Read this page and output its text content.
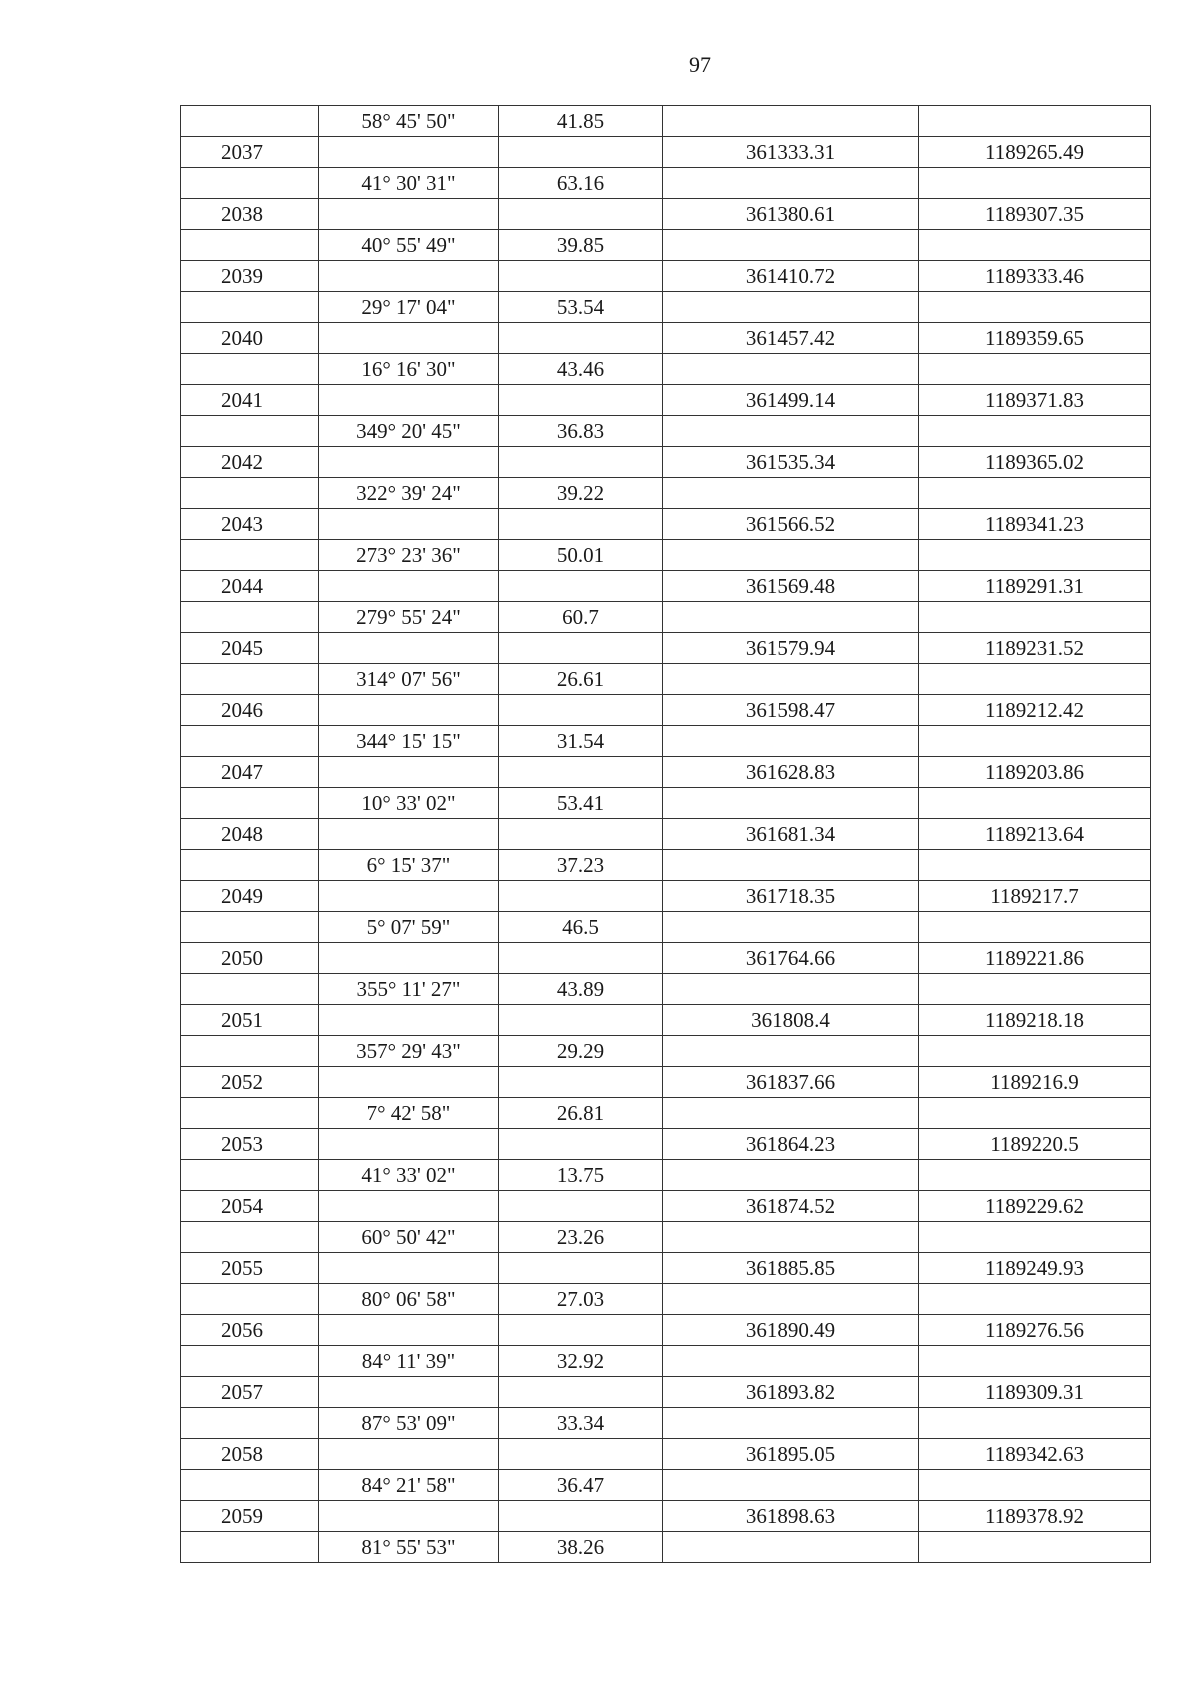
97
	58° 45' 50"	41.85		
2037			361333.31	1189265.49
	41° 30' 31"	63.16		
2038			361380.61	1189307.35
	40° 55' 49"	39.85		
2039			361410.72	1189333.46
	29° 17' 04"	53.54		
2040			361457.42	1189359.65
	16° 16' 30"	43.46		
2041			361499.14	1189371.83
	349° 20' 45"	36.83		
2042			361535.34	1189365.02
	322° 39' 24"	39.22		
2043			361566.52	1189341.23
	273° 23' 36"	50.01		
2044			361569.48	1189291.31
	279° 55' 24"	60.7		
2045			361579.94	1189231.52
	314° 07' 56"	26.61		
2046			361598.47	1189212.42
	344° 15' 15"	31.54		
2047			361628.83	1189203.86
	10° 33' 02"	53.41		
2048			361681.34	1189213.64
	6° 15' 37"	37.23		
2049			361718.35	1189217.7
	5° 07' 59"	46.5		
2050			361764.66	1189221.86
	355° 11' 27"	43.89		
2051			361808.4	1189218.18
	357° 29' 43"	29.29		
2052			361837.66	1189216.9
	7° 42' 58"	26.81		
2053			361864.23	1189220.5
	41° 33' 02"	13.75		
2054			361874.52	1189229.62
	60° 50' 42"	23.26		
2055			361885.85	1189249.93
	80° 06' 58"	27.03		
2056			361890.49	1189276.56
	84° 11' 39"	32.92		
2057			361893.82	1189309.31
	87° 53' 09"	33.34		
2058			361895.05	1189342.63
	84° 21' 58"	36.47		
2059			361898.63	1189378.92
	81° 55' 53"	38.26		
